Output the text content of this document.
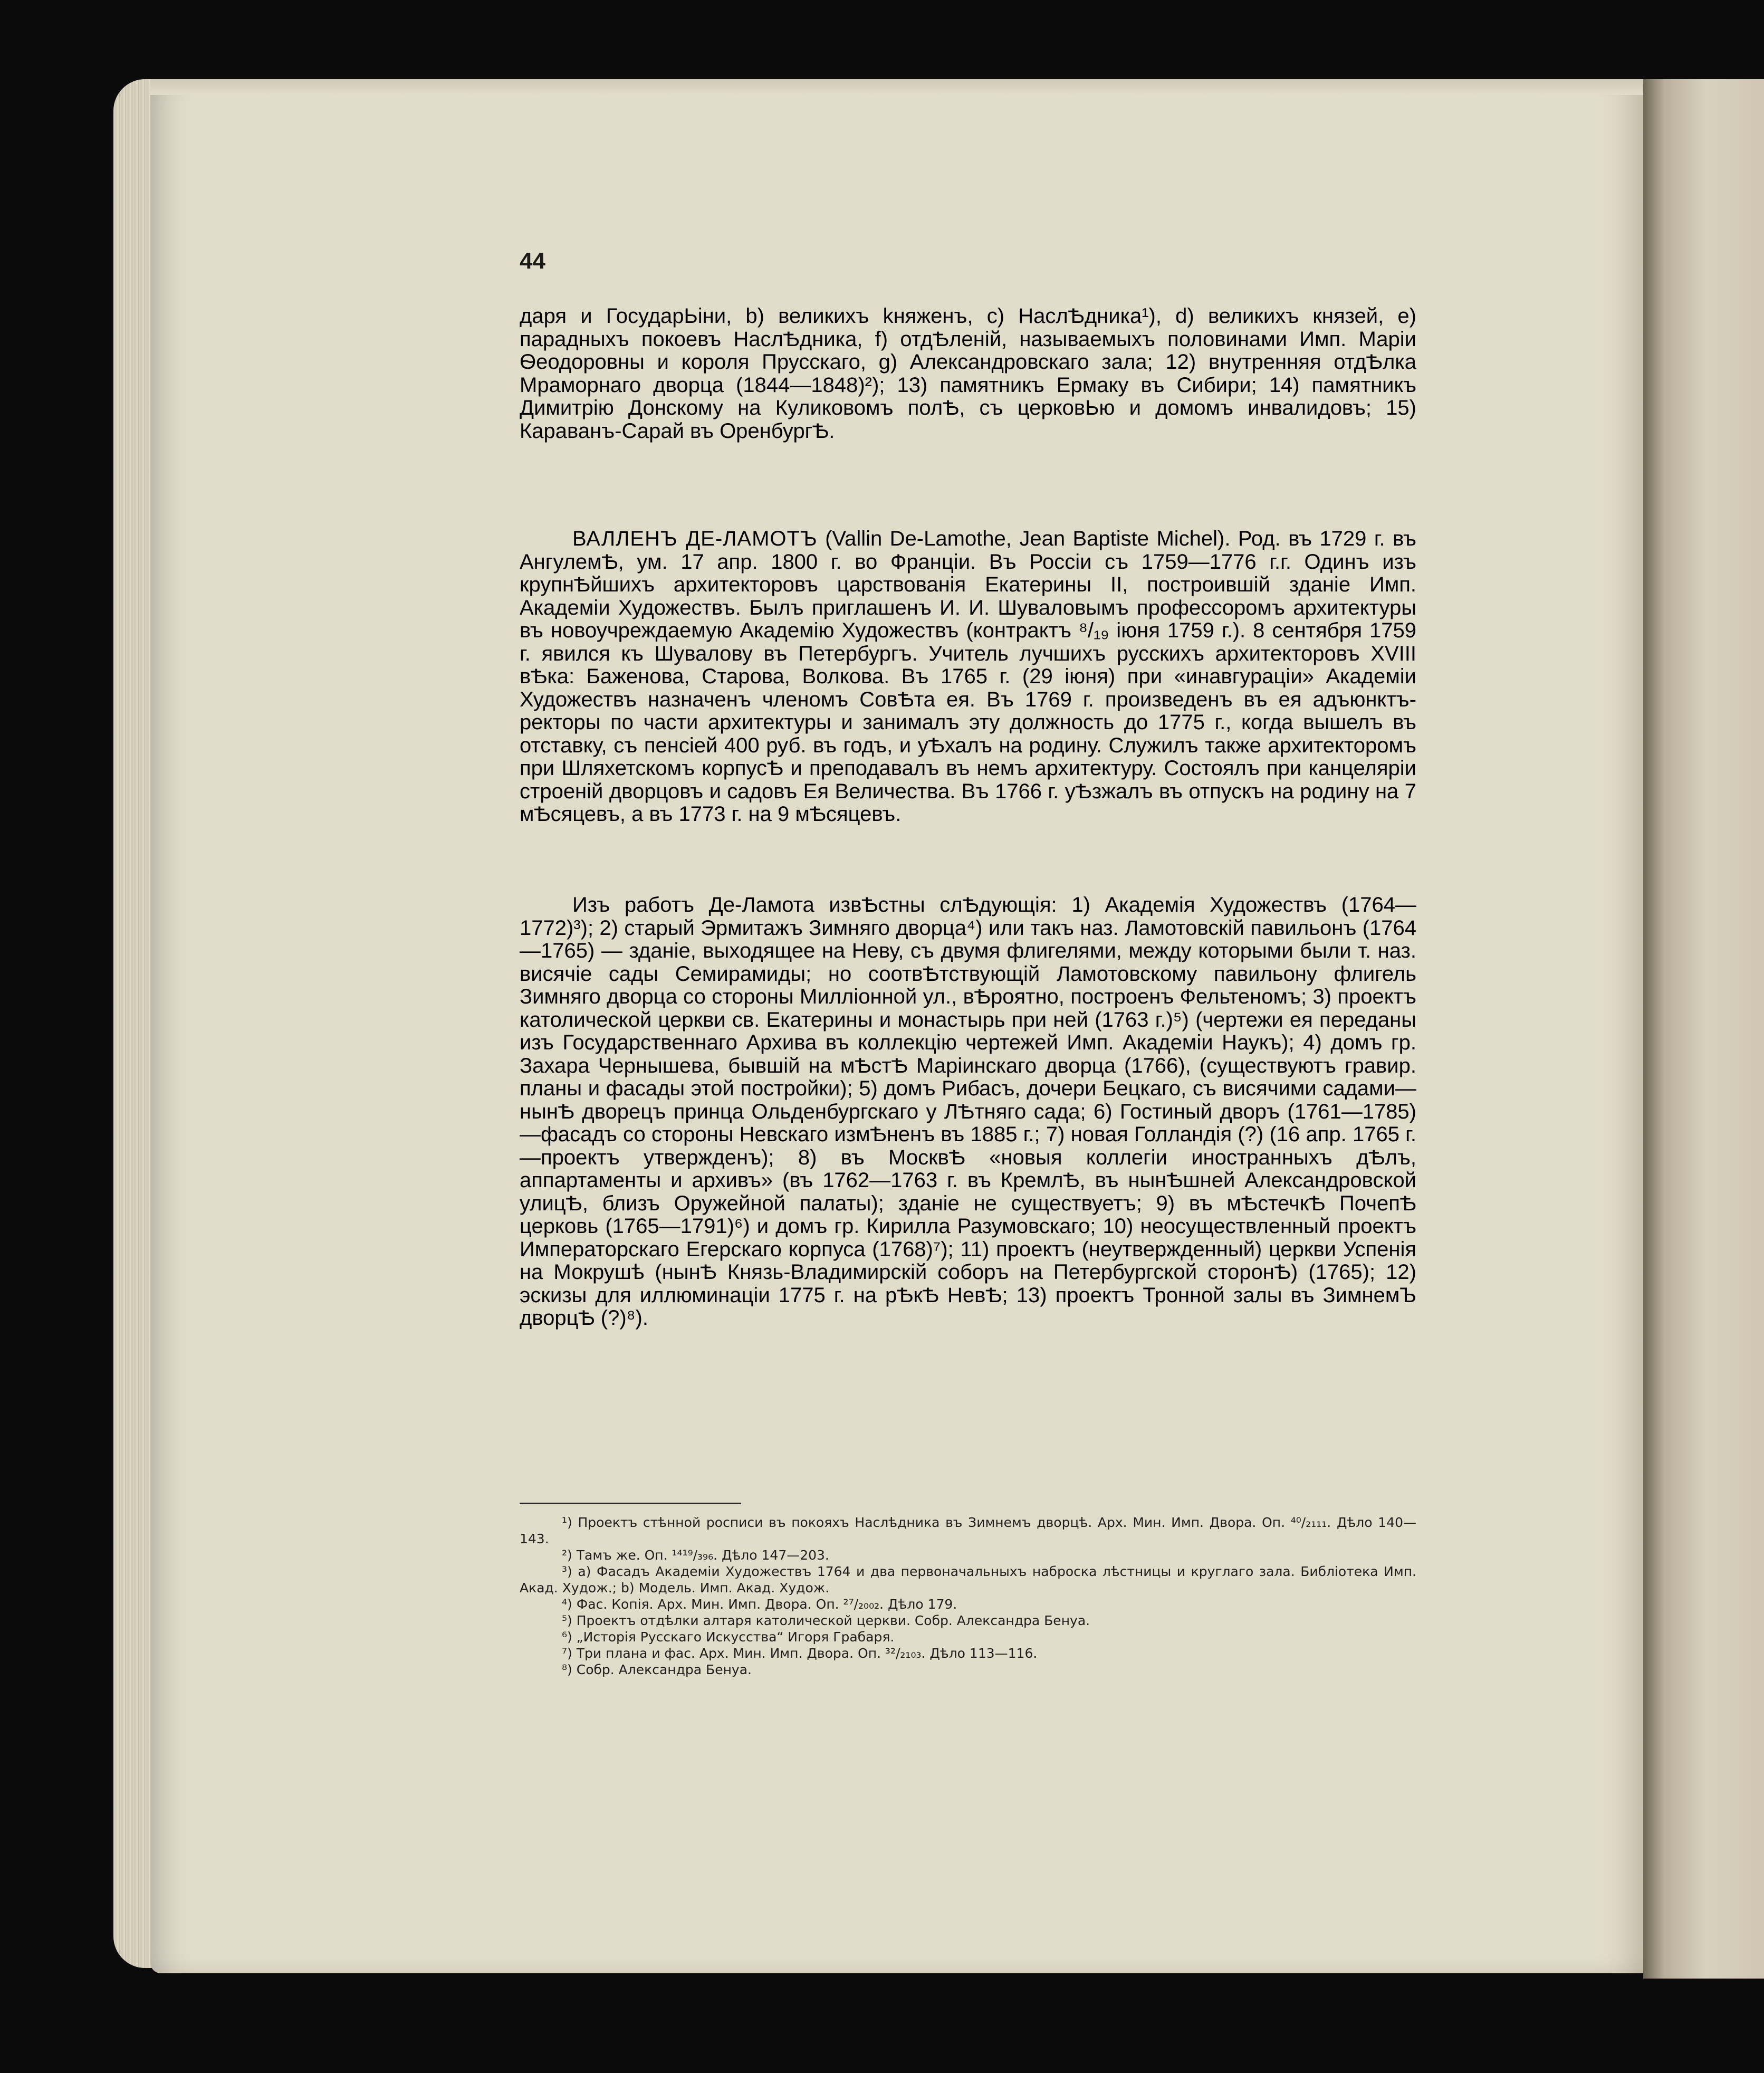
44

даря и ГосударЬіни, b) великихъ kняженъ, c) НаслѢдника¹), d) великихъ князей, e) парадныхъ покоевъ НаслѢдника, f) отдѢленій, называемыхъ половинами Имп. Маріи Ѳеодоровны и короля Прусскаго, g) Александровскаго зала; 12) внутренняя отдѢлка Мраморнаго дворца (1844—1848)²); 13) памятникъ Ермаку въ Сибири; 14) памятникъ Димитрію Донскому на Куликовомъ полѢ, съ церковЬю и домомъ инвалидовъ; 15) Караванъ-Сарай въ ОренбургѢ.

ВАЛЛЕНЪ ДЕ-ЛАМОТЪ (Vallin De-Lamothe, Jean Baptiste Michel). Род. въ 1729 г. въ АнгулемѢ, ум. 17 апр. 1800 г. во Франціи. Въ Россіи съ 1759—1776 г.г. Одинъ изъ крупнѢйшихъ архитекторовъ царствованія Екатерины II, построившій зданіе Имп. Академіи Художествъ. Былъ приглашенъ И. И. Шуваловымъ профессоромъ архитектуры въ новоучреждаемую Академію Художествъ (контрактъ ⁸/₁₉ іюня 1759 г.). 8 сентября 1759 г. явился къ Шувалову въ Петербургъ. Учитель лучшихъ русскихъ архитекторовъ XVIII вѢка: Баженова, Старова, Волкова. Въ 1765 г. (29 іюня) при «инавгураціи» Академіи Художествъ назначенъ членомъ СовѢта ея. Въ 1769 г. произведенъ въ ея адъюнктъ-ректоры по части архитектуры и занималъ эту должность до 1775 г., когда вышелъ въ отставку, съ пенсіей 400 руб. въ годъ, и уѢхалъ на родину. Служилъ также архитекторомъ при Шляхетскомъ корпусѢ и преподавалъ въ немъ архитектуру. Состоялъ при канцеляріи строеній дворцовъ и садовъ Ея Величества. Въ 1766 г. уѢзжалъ въ отпускъ на родину на 7 мѢсяцевъ, а въ 1773 г. на 9 мѢсяцевъ.

Изъ работъ Де-Ламота извѢстны слѢдующія: 1) Академія Художествъ (1764—1772)³); 2) старый Эрмитажъ Зимняго дворца⁴) или такъ наз. Ламотовскій павильонъ (1764—1765) — зданіе, выходящее на Неву, съ двумя флигелями, между которыми были т. наз. висячіе сады Семирамиды; но соотвѢтствующій Ламотовскому павильону флигель Зимняго дворца со стороны Милліонной ул., вѢроятно, построенъ Фельтеномъ; 3) проектъ католической церкви св. Екатерины и монастырь при ней (1763 г.)⁵) (чертежи ея переданы изъ Государственнаго Архива въ коллекцію чертежей Имп. Академіи Наукъ); 4) домъ гр. Захара Чернышева, бывшій на мѢстѢ Маріинскаго дворца (1766), (существуютъ гравир. планы и фасады этой постройки); 5) домъ Рибасъ, дочери Бецкаго, съ висячими садами—нынѢ дворецъ принца Ольденбургскаго у ЛѢтняго сада; 6) Гостиный дворъ (1761—1785)—фасадъ со стороны Невскаго измѢненъ въ 1885 г.; 7) новая Голландія (?) (16 апр. 1765 г.—проектъ утвержденъ); 8) въ МосквѢ «новыя коллегіи иностранныхъ дѢлъ, аппартаменты и архивъ» (въ 1762—1763 г. въ КремлѢ, въ нынѢшней Александровской улицѢ, близъ Оружейной палаты); зданіе не существуетъ; 9) въ мѢстечкѢ ПочепѢ церковь (1765—1791)⁶) и домъ гр. Кирилла Разумовскаго; 10) неосуществленный проектъ Императорскаго Егерскаго корпуса (1768)⁷); 11) проектъ (неутвержденный) церкви Успенія на Мокрушѣ (нынѢ Князь-Владимирскій соборъ на Петербургской сторонѢ) (1765); 12) эскизы для иллюминаціи 1775 г. на рѢкѢ НевѢ; 13) проектъ Тронной залы въ ЗимнемЪ дворцѢ (?)⁸).

¹) Проектъ стѣнной росписи въ покояхъ Наслѣдника въ Зимнемъ дворцѣ. Арх. Мин. Имп. Двора. Оп. ⁴⁰/₂₁₁₁. Дѣло 140—143.

²) Тамъ же. Оп. ¹⁴¹⁹/₃₉₆. Дѣло 147—203.

³) a) Фасадъ Академіи Художествъ 1764 и два первоначальныхъ наброска лѣстницы и круглаго зала. Библіотека Имп. Акад. Худож.; b) Модель. Имп. Акад. Худож.

⁴) Фас. Копія. Арх. Мин. Имп. Двора. Оп. ²⁷/₂₀₀₂. Дѣло 179.

⁵) Проектъ отдѣлки алтаря католической церкви. Собр. Александра Бенуа.

⁶) „Исторія Русскаго Искусства“ Игоря Грабаря.

⁷) Три плана и фас. Арх. Мин. Имп. Двора. Оп. ³²/₂₁₀₃. Дѣло 113—116.

⁸) Собр. Александра Бенуа.
